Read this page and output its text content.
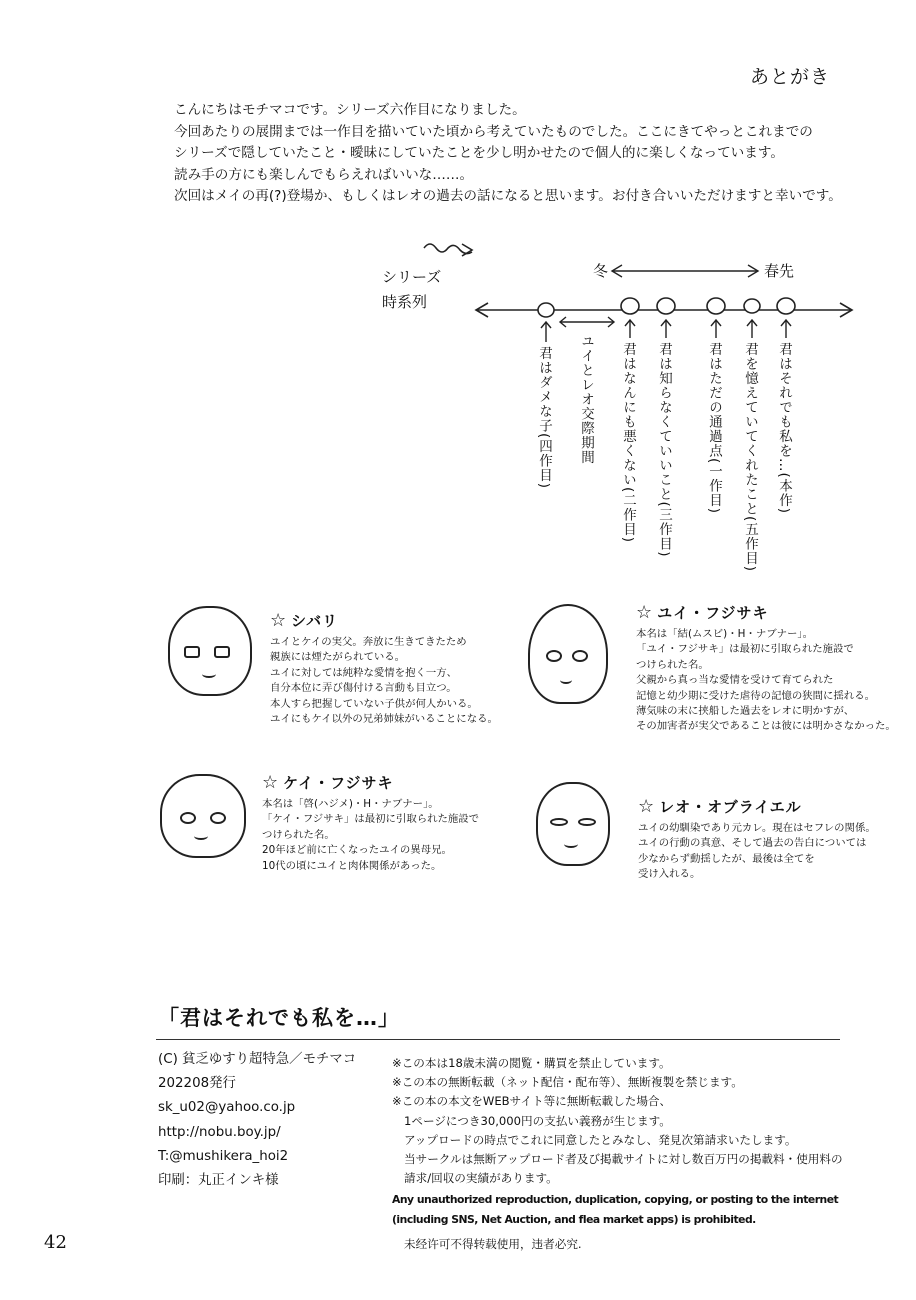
あとがき
こんにちはモチマコです。シリーズ六作目になりました。
今回あたりの展開までは一作目を描いていた頃から考えていたものでした。ここにきてやっとこれまでの
シリーズで隠していたこと・曖昧にしていたことを少し明かせたので個人的に楽しくなっています。
読み手の方にも楽しんでもらえればいいな……。
次回はメイの再(?)登場か、もしくはレオの過去の話になると思います。お付き合いいただけますと幸いです。
シリーズ
時系列
冬	春先
君はダメな子(四作目) ユイとレオ交際期間 君はなんにも悪くない(二作目) 君は知らなくていいこと(三作目)	君はただの通過点(一作目) 君を憶えていてくれたこと(五作目) 君はそれでも私を…(本作)
☆ シバリ
ユイとケイの実父。奔放に生きてきたため
親族には煙たがられている。
ユイに対しては純粋な愛情を抱く一方、
自分本位に弄び傷付ける言動も目立つ。
本人すら把握していない子供が何人かいる。
ユイにもケイ以外の兄弟姉妹がいることになる。
☆ ユイ・フジサキ
本名は「結(ムスビ)・H・ナブナー」。
「ユイ・フジサキ」は最初に引取られた施設で
つけられた名。
父親から真っ当な愛情を受けて育てられた
記憶と幼少期に受けた虐待の記憶の狭間に揺れる。
薄気味の末に挟船した過去をレオに明かすが、
その加害者が実父であることは彼には明かさなかった。
☆ ケイ・フジサキ
本名は「啓(ハジメ)・H・ナブナー」。
「ケイ・フジサキ」は最初に引取られた施設で
つけられた名。
20年ほど前に亡くなったユイの異母兄。
10代の頃にユイと肉体関係があった。
☆ レオ・オブライエル
ユイの幼馴染であり元カレ。現在はセフレの関係。
ユイの行動の真意、そして過去の告白については
少なからず動揺したが、最後は全てを
受け入れる。
「君はそれでも私を…」
(C) 貧乏ゆすり超特急／モチマコ
202208発行
sk_u02@yahoo.co.jp
http://nobu.boy.jp/
T:@mushikera_hoi2
印刷：丸正インキ様
※この本は18歳未満の閲覧・購買を禁止しています。
※この本の無断転載（ネット配信・配布等）、無断複製を禁じます。
※この本の本文をWEBサイト等に無断転載した場合、
1ページにつき30,000円の支払い義務が生じます。
アップロードの時点でこれに同意したとみなし、発見次第請求いたします。
当サークルは無断アップロード者及び掲載サイトに対し数百万円の掲載料・使用料の
請求/回収の実績があります。
Any unauthorized reproduction, duplication, copying, or posting to the internet
(including SNS, Net Auction, and flea market apps) is prohibited.
未经许可不得转载使用，违者必究.
42
